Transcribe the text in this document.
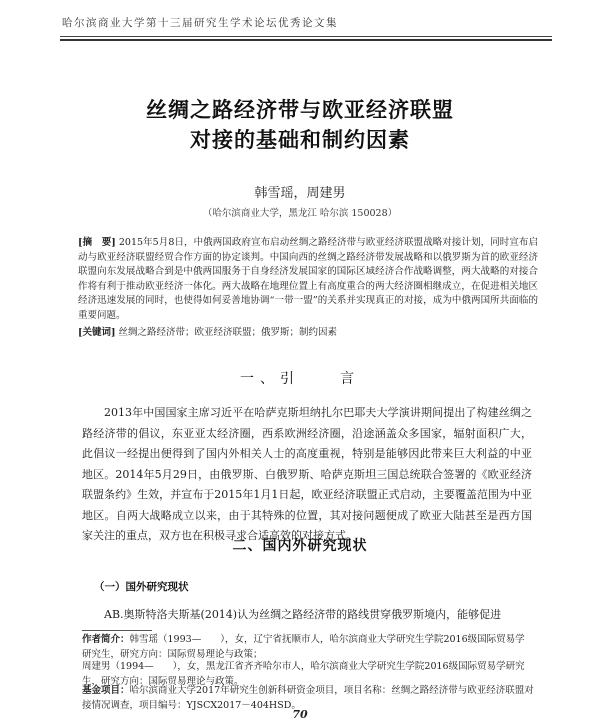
哈尔滨商业大学第十三届研究生学术论坛优秀论文集
丝绸之路经济带与欧亚经济联盟
对接的基础和制约因素
韩雪瑶，周建男
（哈尔滨商业大学，黑龙江 哈尔滨 150028）
[摘　要] 2015年5月8日，中俄两国政府宣布启动丝绸之路经济带与欧亚经济联盟战略对接计划，同时宣布启动与欧亚经济联盟经贸合作方面的协定谈判。中国向西的丝绸之路经济带发展战略和以俄罗斯为首的欧亚经济联盟向东发展战略合到是中俄两国服务于自身经济发展国家的国际区域经济合作战略调整，两大战略的对接合作将有利于推动欧亚经济一体化。两大战略在地理位置上有高度重合的两大经济圈相继成立，在促进相关地区经济迅速发展的同时，也使得如何妥善地协调“一带一盟”的关系并实现真正的对接，成为中俄两国所共面临的重要问题。
[关键词] 丝绸之路经济带；欧亚经济联盟；俄罗斯；制约因素
一、引　　言
2013年中国国家主席习近平在哈萨克斯坦纳扎尔巴耶夫大学演讲期间提出了构建丝绸之路经济带的倡议，东亚亚太经济圈，西系欧洲经济圈，沿途涵盖众多国家，辐射面积广大，此倡议一经提出便得到了国内外相关人士的高度重视，特别是能够因此带来巨大利益的中亚地区。2014年5月29日，由俄罗斯、白俄罗斯、哈萨克斯坦三国总统联合签署的《欧亚经济联盟条约》生效，并宣布于2015年1月1日起，欧亚经济联盟正式启动，主要覆盖范围为中亚地区。自两大战略成立以来，由于其特殊的位置，其对接问题便成了欧亚大陆甚至是西方国家关注的重点，双方也在积极寻求合适高效的对接方式。
二、国内外研究现状
（一）国外研究现状
AB.奥斯特洛夫斯基(2014)认为丝绸之路经济带的路线贯穿俄罗斯境内，能够促进
作者简介：韩雪瑶（1993—　　），女，辽宁省抚顺市人，哈尔滨商业大学研究生学院2016级国际贸易学研究生，研究方向：国际贸易理论与政策；
周建男（1994—　　），女，黑龙江省齐齐哈尔市人，哈尔滨商业大学研究生学院2016级国际贸易学研究生，研究方向：国际贸易理论与政策。
基金项目：哈尔滨商业大学2017年研究生创新科研资金项目，项目名称：丝绸之路经济带与欧亚经济联盟对接情况调查，项目编号：YJSCX2017－404HSD。
70
